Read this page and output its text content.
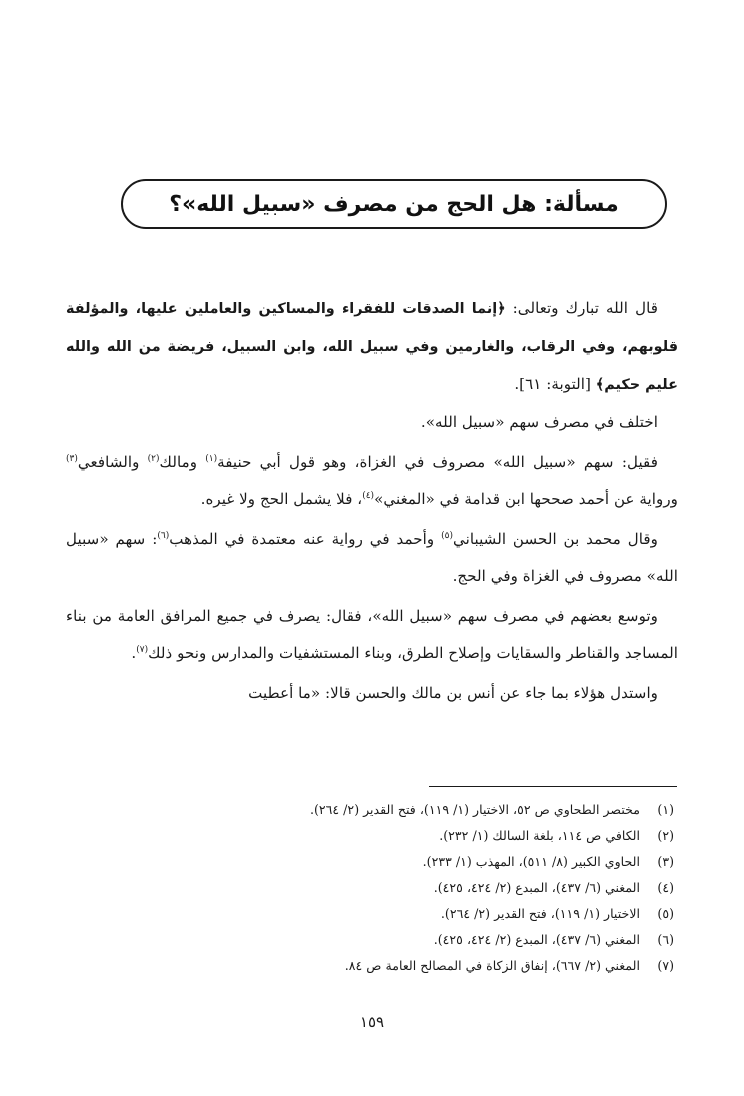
مسألة: هل الحج من مصرف «سبيل الله»؟

قال الله تبارك وتعالى: ﴿إنما الصدقات للفقراء والمساكين والعاملين عليها، والمؤلفة قلوبهم، وفي الرقاب، والغارمين وفي سبيل الله، وابن السبيل، فريضة من الله والله عليم حكيم﴾ [التوبة: ٦١].

اختلف في مصرف سهم «سبيل الله».

فقيل: سهم «سبيل الله» مصروف في الغزاة، وهو قول أبي حنيفة$^{(١)}$ ومالك$^{(٢)}$ والشافعي$^{(٣)}$ ورواية عن أحمد صححها ابن قدامة في «المغني»$^{(٤)}$، فلا يشمل الحج ولا غيره.

وقال محمد بن الحسن الشيباني$^{(٥)}$ وأحمد في رواية عنه معتمدة في المذهب$^{(٦)}$: سهم «سبيل الله» مصروف في الغزاة وفي الحج.

وتوسع بعضهم في مصرف سهم «سبيل الله»، فقال: يصرف في جميع المرافق العامة من بناء المساجد والقناطر والسقايات وإصلاح الطرق، وبناء المستشفيات والمدارس ونحو ذلك$^{(٧)}$.

واستدل هؤلاء بما جاء عن أنس بن مالك والحسن قالا: «ما أعطيت

(١)
مختصر الطحاوي ص ٥٢، الاختيار (١/ ١١٩)، فتح القدير (٢/ ٢٦٤).
(٢)
الكافي ص ١١٤، بلغة السالك (١/ ٢٣٢).
(٣)
الحاوي الكبير (٨/ ٥١١)، المهذب (١/ ٢٣٣).
(٤)
المغني (٦/ ٤٣٧)، المبدع (٢/ ٤٢٤، ٤٢٥).
(٥)
الاختيار (١/ ١١٩)، فتح القدير (٢/ ٢٦٤).
(٦)
المغني (٦/ ٤٣٧)، المبدع (٢/ ٤٢٤، ٤٢٥).
(٧)
المغني (٢/ ٦٦٧)، إنفاق الزكاة في المصالح العامة ص ٨٤.
١٥٩
